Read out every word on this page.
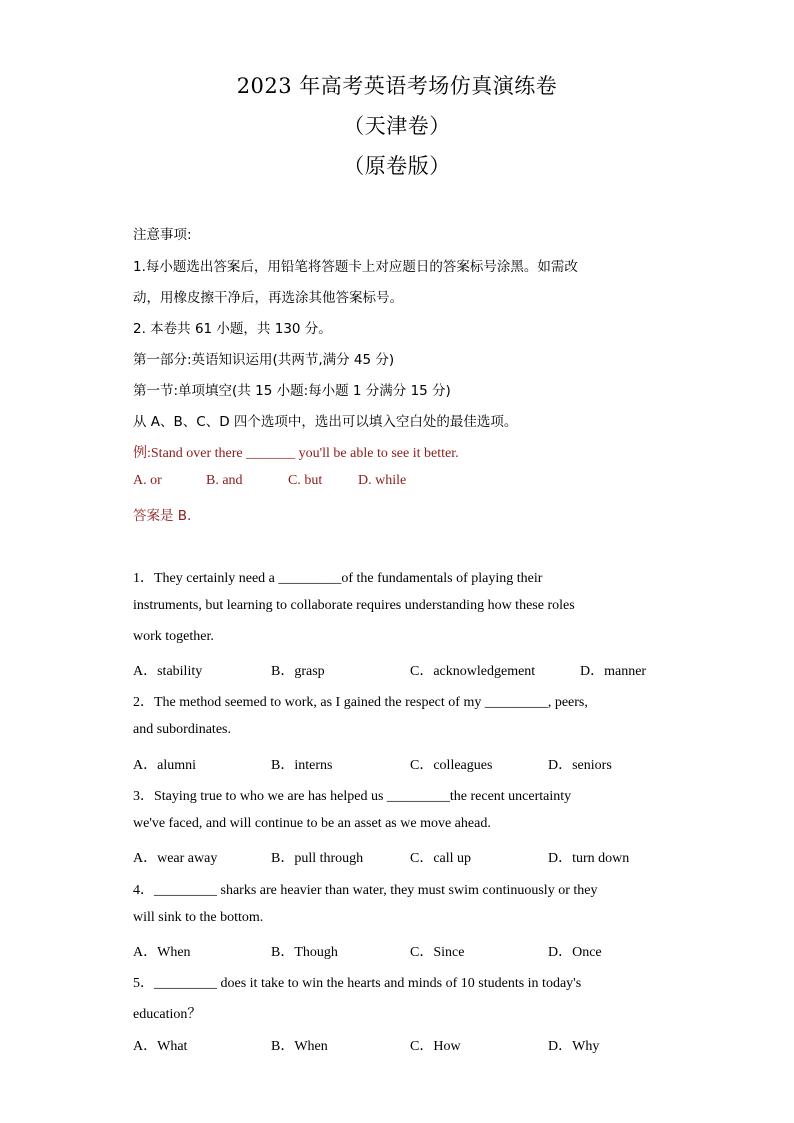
2023 年高考英语考场仿真演练卷
（天津卷）
（原卷版）
注意事项:
1.每小题选出答案后，用铅笔将答题卡上对应题日的答案标号涂黑。如需改
动，用橡皮擦干净后，再选涂其他答案标号。
2. 本卷共 61 小题，共 130 分。
第一部分:英语知识运用(共两节,满分 45 分)
第一节:单项填空(共 15 小题:每小题 1 分满分 15 分)
从 A、B、C、D 四个选项中，选出可以填入空白处的最佳选项。
例:Stand over there _______ you'll be able to see it better.
A. or	B. and	C. but	D. while
答案是 B.
1．They certainly need a _________of the fundamentals of playing their
instruments, but learning to collaborate requires understanding how these roles
work together.
A．stability	B．grasp	C．acknowledgement	D．manner
2．The method seemed to work, as I gained the respect of my _________, peers,
and subordinates.
A．alumni	B．interns	C．colleagues	D．seniors
3．Staying true to who we are has helped us _________the recent uncertainty
we've faced, and will continue to be an asset as we move ahead.
A．wear away	B．pull through	C．call up	D．turn down
4．_________ sharks are heavier than water, they must swim continuously or they
will sink to the bottom.
A．When	B．Though	C．Since	D．Once
5．_________ does it take to win the hearts and minds of 10 students in today's
education？
A．What	B．When	C．How	D．Why
